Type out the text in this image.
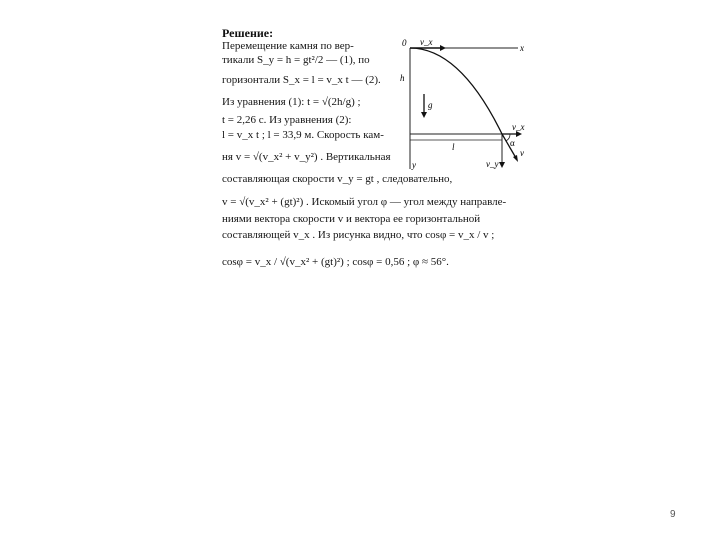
Решение:
Перемещение камня по вер-
тикали S_y = h = gt²/2 — (1), по
горизонтали S_x = l = v_x t — (2).
Из уравнения (1): t = √(2h/g) ;
t = 2,26 c. Из уравнения (2):
l = v_x t ; l = 33,9 м. Скорость кам-
ня v = √(v_x² + v_y²) . Вертикальная
составляющая скорости v_y = gt , следовательно,
v = √(v_x² + (gt)²) . Искомый угол φ — угол между направле-
ниями вектора скорости v и вектора ее горизонтальной
составляющей v_x . Из рисунка видно, что cosφ = v_x / v ;
cosφ = v_x / √(v_x² + (gt)²) ; cosφ = 0,56 ; φ ≈ 56°.
0 v_x
x
h
g
l
y
v_x
α
v
v_y
9
